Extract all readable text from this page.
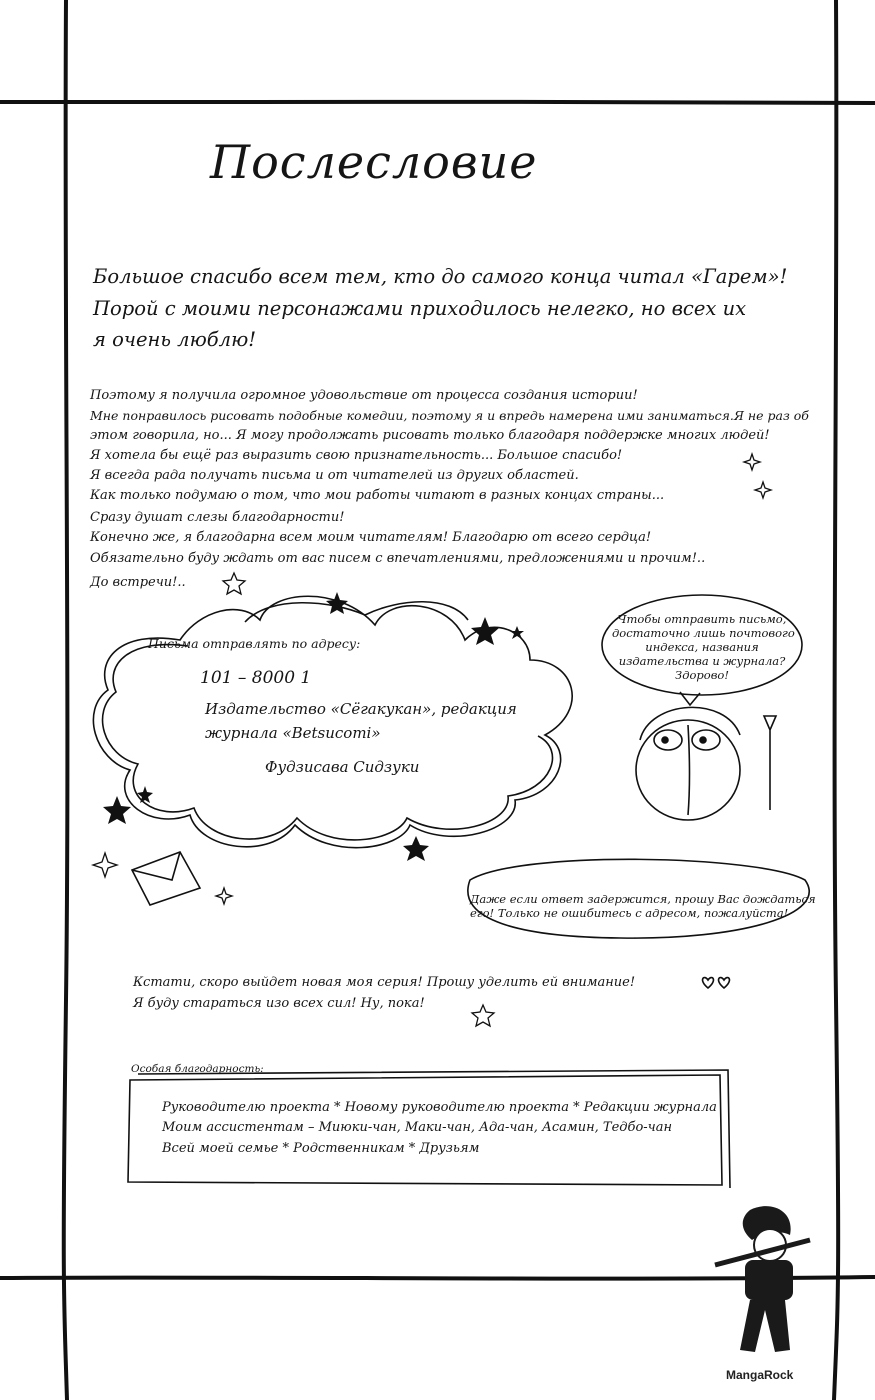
Послесловие
Большое спасибо всем тем, кто до самого конца читал «Гарем»!
Порой с моими персонажами приходилось нелегко, но всех их
я очень люблю!
Поэтому я получила огромное удовольствие от процесса создания истории!
Мне понравилось рисовать подобные комедии, поэтому я и впредь намерена ими заниматься.Я не раз об
этом говорила, но... Я могу продолжать рисовать только благодаря поддержке многих людей!
Я хотела бы ещё раз выразить свою признательность... Большое спасибо!
Я всегда рада получать письма и от читателей из других областей.
Как только подумаю о том, что мои работы читают в разных концах страны...
Сразу душат слезы благодарности!
Конечно же, я благодарна всем моим читателям! Благодарю от всего сердца!
Обязательно буду ждать от вас писем с впечатлениями, предложениями и прочим!..
До встречи!..
Письма отправлять по адресу:
101 – 8000 1
Издательство «Сёгакукан», редакция
журнала «Betsucomi»
Фудзисава Сидзуки
Чтобы отправить письмо,
достаточно лишь почтового
индекса, названия
издательства и журнала?
Здорово!
Даже если ответ задержится, прошу Вас дождаться
его! Только не ошибитесь с адресом, пожалуйста!
Кстати, скоро выйдет новая моя серия! Прошу уделить ей внимание!
Я буду стараться изо всех сил! Ну, пока!
Особая благодарность:
Руководителю проекта * Новому руководителю проекта * Редакции журнала
Моим ассистентам – Миюки-чан, Маки-чан, Ада-чан, Асамин, Тедбо-чан
Всей моей семье * Родственникам * Друзьям
MangaRock
